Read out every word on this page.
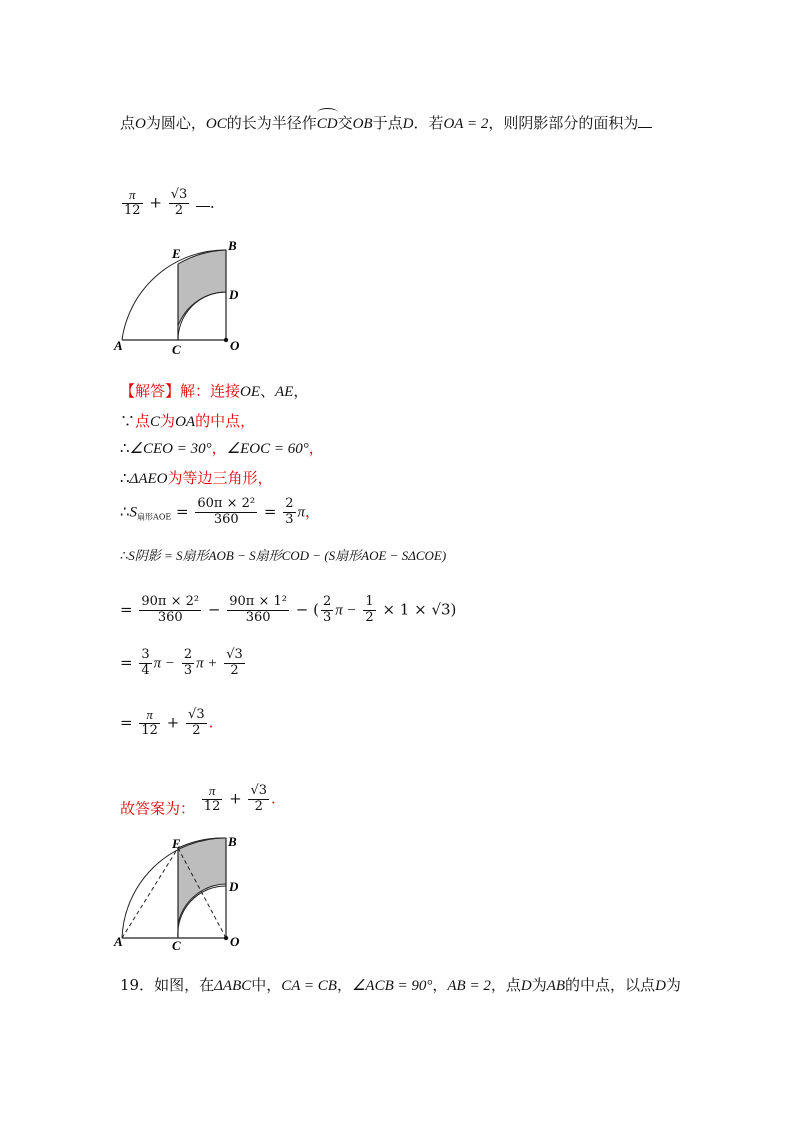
点O为圆心，OC的长为半径作
CD交OB于点D．若OA = 2，则阴影部分的面积为
$\frac{\pi}{12} + \frac{√3}{2}$ ．
E
B
D
A	C	O
【解答】解：连接OE、AE，
∵点C为OA的中点，
∴∠CEO = 30°，∠EOC = 60°，
∴ΔAEO为等边三角形，
$\therefore S_{扇形AOE} = \frac{\text{60π × 2²}}{360} = \frac{2}{3}$ π，
∴S阴影 = S扇形AOB − S扇形COD − (S扇形AOE − SΔCOE)
= $\frac{\text{90π × 2²}}{360} - \frac{\text{90π × 1²}}{360}$ − ( $\frac{2}{3}$ $\pi - \frac{1}{2} \times 1 \times √3$)
= $\frac{3}{4}$ $\pi - \frac{2}{3}$ $\pi + \frac{√3}{2}$
= $\frac{\pi}{12} + \frac{√3}{2}$ .
故答案为： $\frac{\pi}{12} + \frac{√3}{2}$ .
E	B
D
A	C	O
19．如图，在ΔABC中，CA = CB，∠ACB = 90°，AB = 2，点D为AB的中点，以点D为
